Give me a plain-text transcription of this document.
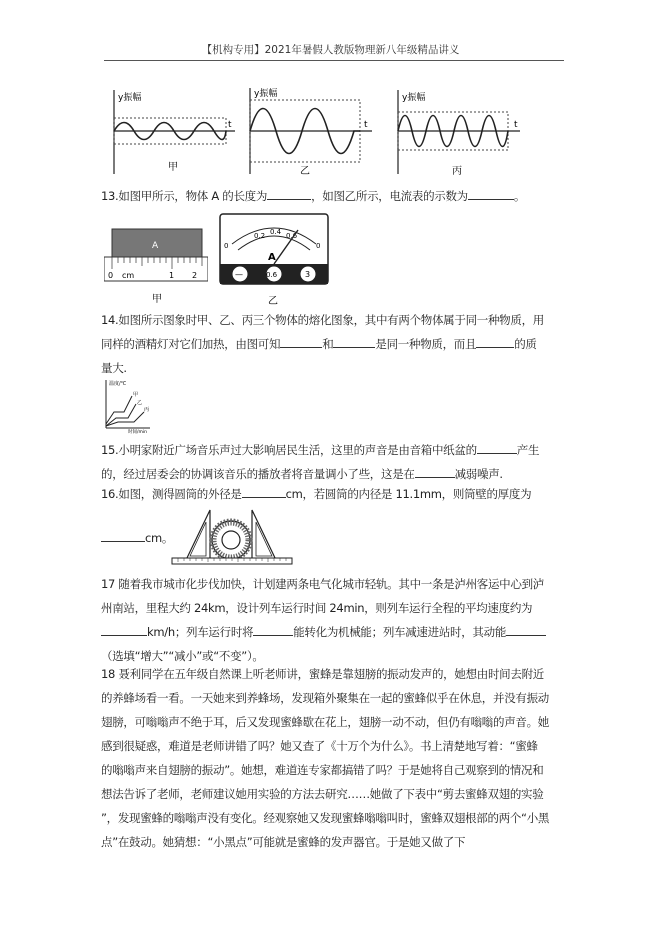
【机构专用】2021年暑假人教版物理新八年级精品讲义
y振幅
t
甲
y振幅
t
乙
y振幅
t
丙
13.如图甲所示，物体 A 的长度为	，如图乙所示，电流表的示数为	。
A
0 cm	1 2
甲
0	0
0.2 0.4 0.6
A
—	0.6	3
乙
14.如图所示图象时甲、乙、丙三个物体的熔化图象，其中有两个物体属于同一种物质，用
同样的酒精灯对它们加热，由图可知	和	是同一种物质，而且	的质
量大.
温度/℃
时间/min
甲
乙
丙
15.小明家附近广场音乐声过大影响居民生活，这里的声音是由音箱中纸盆的	产生
的，经过居委会的协调该音乐的播放者将音量调小了些，这是在	减弱噪声.
16.如图，测得圆筒的外径是	cm，若圆筒的内径是 11.1mm，则筒壁的厚度为
cm。
17 随着我市城市化步伐加快，计划建两条电气化城市轻轨。其中一条是泸州客运中心到泸
州南站，里程大约 24km，设计列车运行时间 24min，则列车运行全程的平均速度约为
km/h；列车运行时将	能转化为机械能；列车减速进站时，其动能
（选填“增大”“减小”或“不变”）。
18 聂利同学在五年级自然课上听老师讲，蜜蜂是靠翅膀的振动发声的，她想由时间去附近
的养蜂场看一看。一天她来到养蜂场，发现箱外聚集在一起的蜜蜂似乎在休息，并没有振动
翅膀，可嗡嗡声不绝于耳，后又发现蜜蜂歇在花上，翅膀一动不动，但仍有嗡嗡的声音。她
感到很疑惑，难道是老师讲错了吗？她又查了《十万个为什么》。书上清楚地写着：“蜜蜂
的嗡嗡声来自翅膀的振动”。她想，难道连专家都搞错了吗？于是她将自己观察到的情况和
想法告诉了老师，老师建议她用实验的方法去研究……她做了下表中“剪去蜜蜂双翅的实验
”，发现蜜蜂的嗡嗡声没有变化。经观察她又发现蜜蜂嗡嗡叫时，蜜蜂双翅根部的两个“小黑
点”在鼓动。她猜想：“小黑点”可能就是蜜蜂的发声器官。于是她又做了下
